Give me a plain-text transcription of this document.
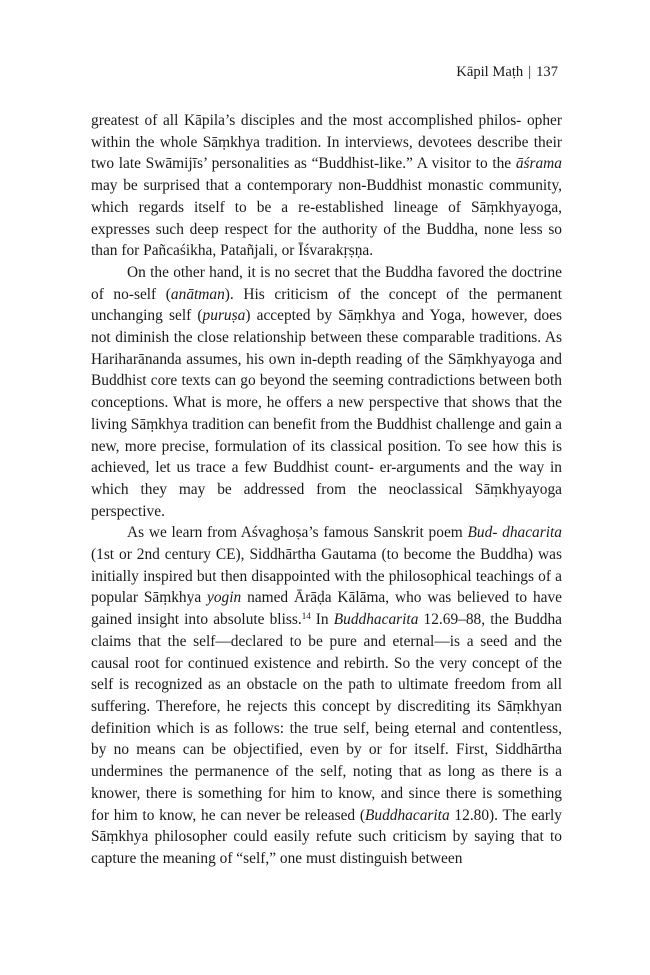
Kāpil Maṭh | 137

greatest of all Kāpila’s disciples and the most accomplished philos- opher within the whole Sāṃkhya tradition. In interviews, devotees describe their two late Swāmijīs’ personalities as “Buddhist-like.” A visitor to the āśrama may be surprised that a contemporary non-Buddhist monastic community, which regards itself to be a re-established lineage of Sāṃkhyayoga, expresses such deep respect for the authority of the Buddha, none less so than for Pañcaśikha, Patañjali, or Īśvarakṛṣṇa.

On the other hand, it is no secret that the Buddha favored the doctrine of no-self (anātman). His criticism of the concept of the permanent unchanging self (puruṣa) accepted by Sāṃkhya and Yoga, however, does not diminish the close relationship between these comparable traditions. As Hariharānanda assumes, his own in-depth reading of the Sāṃkhyayoga and Buddhist core texts can go beyond the seeming contradictions between both conceptions. What is more, he offers a new perspective that shows that the living Sāṃkhya tradition can benefit from the Buddhist challenge and gain a new, more precise, formulation of its classical position. To see how this is achieved, let us trace a few Buddhist count- er-arguments and the way in which they may be addressed from the neoclassical Sāṃkhyayoga perspective.

As we learn from Aśvaghoṣa’s famous Sanskrit poem Bud- dhacarita (1st or 2nd century CE), Siddhārtha Gautama (to become the Buddha) was initially inspired but then disappointed with the philosophical teachings of a popular Sāṃkhya yogin named Ārāḍa Kālāma, who was believed to have gained insight into absolute bliss.$^{14}$ In Buddhacarita 12.69–88, the Buddha claims that the self—declared to be pure and eternal—is a seed and the causal root for continued existence and rebirth. So the very concept of the self is recognized as an obstacle on the path to ultimate freedom from all suffering. Therefore, he rejects this concept by discrediting its Sāṃkhyan definition which is as follows: the true self, being eternal and contentless, by no means can be objectified, even by or for itself. First, Siddhārtha undermines the permanence of the self, noting that as long as there is a knower, there is something for him to know, and since there is something for him to know, he can never be released (Buddhacarita 12.80). The early Sāṃkhya philosopher could easily refute such criticism by saying that to capture the meaning of “self,” one must distinguish between
